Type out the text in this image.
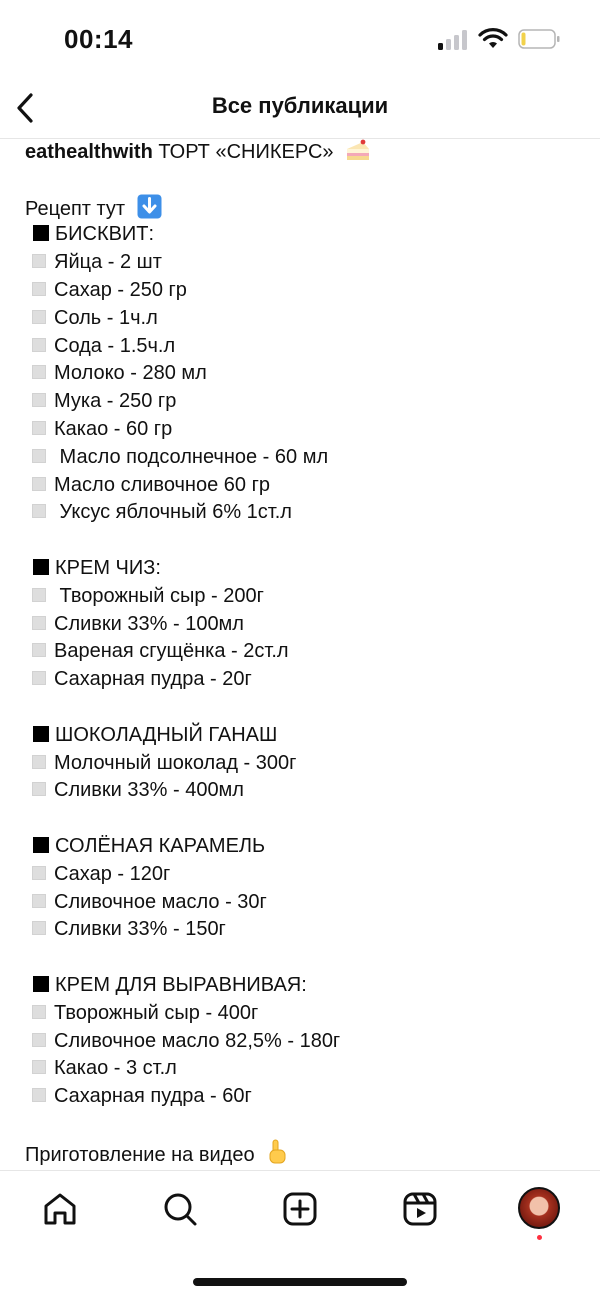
00:14
Все публикации
eathealthwith ТОРТ «СНИКЕРС»
Рецепт тут
БИСКВИТ:
Яйца - 2 шт
Сахар - 250 гр
Соль - 1ч.л
Сода - 1.5ч.л
Молоко - 280 мл
Мука - 250 гр
Какао - 60 гр
Масло подсолнечное - 60 мл
Масло сливочное 60 гр
Уксус яблочный 6% 1ст.л
КРЕМ ЧИЗ:
Творожный сыр - 200г
Сливки 33% - 100мл
Вареная сгущёнка - 2ст.л
Сахарная пудра - 20г
ШОКОЛАДНЫЙ ГАНАШ
Молочный шоколад - 300г
Сливки 33% - 400мл
СОЛЁНАЯ КАРАМЕЛЬ
Сахар - 120г
Сливочное масло - 30г
Сливки 33% - 150г
КРЕМ ДЛЯ ВЫРАВНИВАЯ:
Творожный сыр - 400г
Сливочное масло 82,5% - 180г
Какао - 3 ст.л
Сахарная пудра - 60г
Приготовление на видео
